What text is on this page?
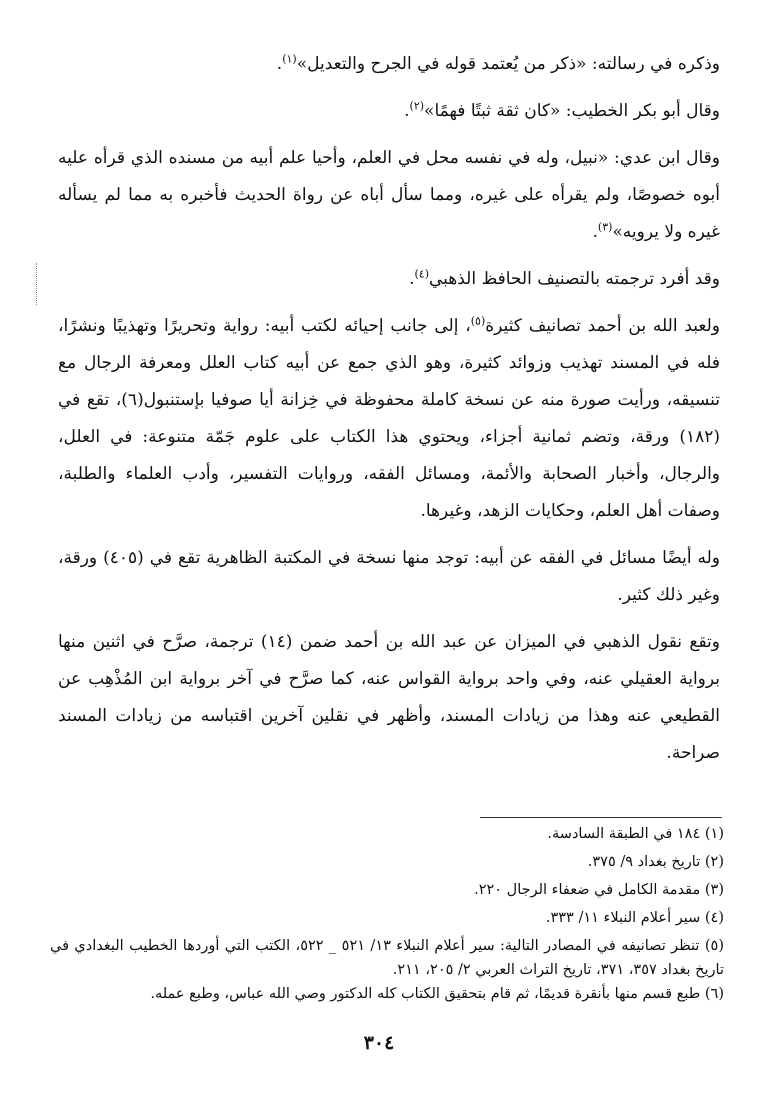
وذكره في رسالته: «ذكر من يُعتمد قوله في الجرح والتعديل»$^{(١)}$.

وقال أبو بكر الخطيب: «كان ثقة ثبتًا فهمًا»$^{(٢)}$.

وقال ابن عدي: «نبيل، وله في نفسه محل في العلم، وأحيا علم أبيه من مسنده الذي قرأه عليه أبوه خصوصًا، ولم يقرأه على غيره، ومما سأل أباه عن رواة الحديث فأخبره به مما لم يسأله غيره ولا يرويه»$^{(٣)}$.

وقد أفرد ترجمته بالتصنيف الحافظ الذهبي$^{(٤)}$.

ولعبد الله بن أحمد تصانيف كثيرة$^{(٥)}$، إلى جانب إحيائه لكتب أبيه: رواية وتحريرًا وتهذيبًا ونشرًا، فله في المسند تهذيب وزوائد كثيرة، وهو الذي جمع عن أبيه كتاب العلل ومعرفة الرجال مع تنسيقه، ورأيت صورة منه عن نسخة كاملة محفوظة في خِزانة أيا صوفيا بإستنبول(٦)، تقع في (١٨٢) ورقة، وتضم ثمانية أجزاء، ويحتوي هذا الكتاب على علوم جَمّة متنوعة: في العلل، والرجال، وأخبار الصحابة والأئمة، ومسائل الفقه، وروايات التفسير، وأدب العلماء والطلبة، وصفات أهل العلم، وحكايات الزهد، وغيرها.

وله أيضًا مسائل في الفقه عن أبيه: توجد منها نسخة في المكتبة الظاهرية تقع في (٤٠٥) ورقة، وغير ذلك كثير.

وتقع نقول الذهبي في الميزان عن عبد الله بن أحمد ضمن (١٤) ترجمة، صرَّح في اثنين منها برواية العقيلي عنه، وفي واحد برواية القواس عنه، كما صرَّح في آخر برواية ابن المُذْهِب عن القطيعي عنه وهذا من زيادات المسند، وأظهر في نقلين آخرين اقتباسه من زيادات المسند صراحة.

(١) ١٨٤ في الطبقة السادسة.

(٢) تاريخ بغداد ٩/ ٣٧٥.

(٣) مقدمة الكامل في ضعفاء الرجال ٢٢٠.

(٤) سير أعلام النبلاء ١١/ ٣٣٣.

(٥) تنظر تصانيفه في المصادر التالية: سير أعلام النبلاء ١٣/ ٥٢١ _ ٥٢٢، الكتب التي أوردها الخطيب البغدادي في تاريخ بغداد ٣٥٧، ٣٧١، تاريخ التراث العربي ٢/ ٢٠٥، ٢١١.

(٦) طبع قسم منها بأنقرة قديمًا، ثم قام بتحقيق الكتاب كله الدكتور وصي الله عباس، وطبع عمله.

٣٠٤
